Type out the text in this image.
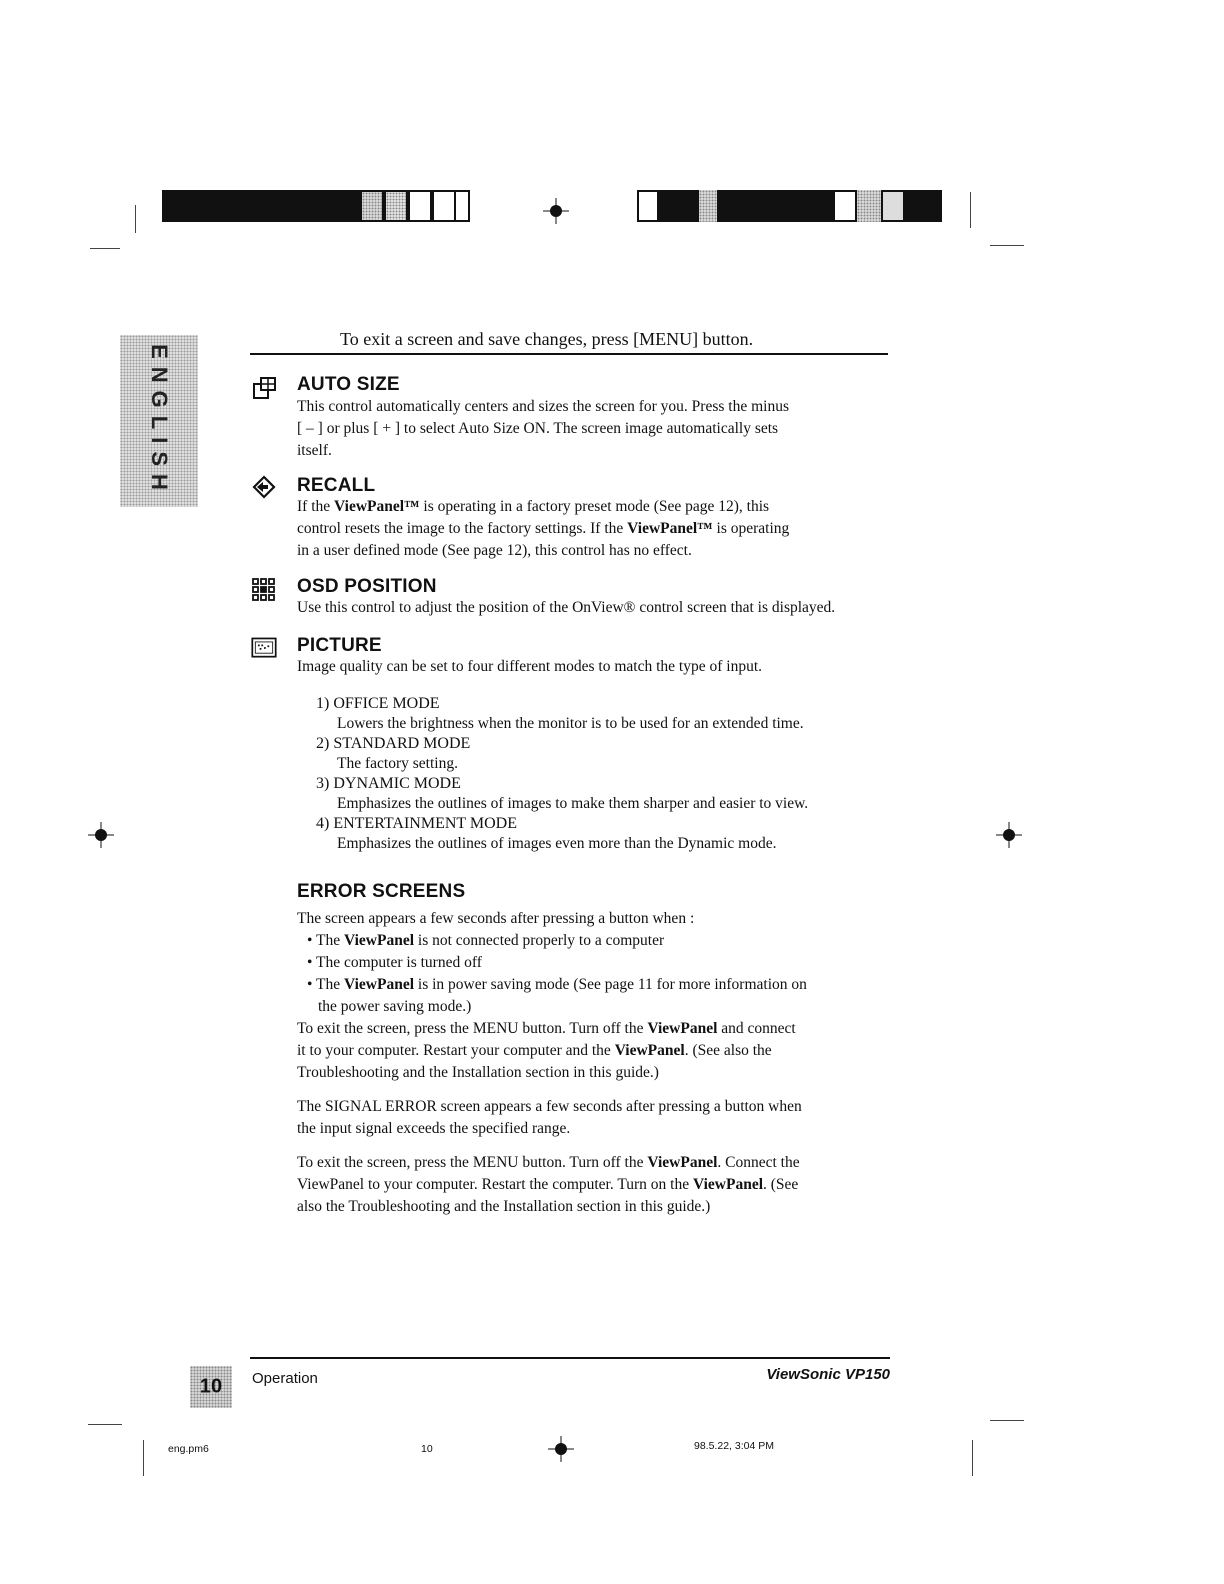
ENGLISH
To exit a screen and save changes, press [MENU] button.
AUTO SIZE
This control automatically centers and sizes the screen for you. Press the minus
[ – ] or plus [ + ] to select Auto Size ON. The screen image automatically sets
itself.
RECALL
If the ViewPanel™ is operating in a factory preset mode (See page 12), this
control resets the image to the factory settings. If the ViewPanel™ is operating
in a user defined mode (See page 12), this control has no effect.
OSD POSITION
Use this control to adjust the position of the OnView® control screen that is displayed.
PICTURE
Image quality can be set to four different modes to match the type of input.
1) OFFICE MODE
Lowers the brightness when the monitor is to be used for an extended time.
2) STANDARD MODE
The factory setting.
3) DYNAMIC MODE
Emphasizes the outlines of images to make them sharper and easier to view.
4) ENTERTAINMENT MODE
Emphasizes the outlines of images even more than the Dynamic mode.
ERROR SCREENS
The screen appears a few seconds after pressing a button when :
• The ViewPanel is not connected properly to a computer
• The computer is turned off
• The ViewPanel is in power saving mode (See page 11 for more information on
the power saving mode.)
To exit the screen, press the MENU button. Turn off the ViewPanel and connect
it to your computer. Restart your computer and the ViewPanel. (See also the
Troubleshooting and the Installation section in this guide.)
The SIGNAL ERROR screen appears a few seconds after pressing a button when
the input signal exceeds the specified range.
To exit the screen, press the MENU button. Turn off the ViewPanel. Connect the
ViewPanel to your computer. Restart the computer. Turn on the ViewPanel. (See
also the Troubleshooting and the Installation section in this guide.)
10 Operation	ViewSonic VP150
eng.pm6	10	98.5.22, 3:04 PM
